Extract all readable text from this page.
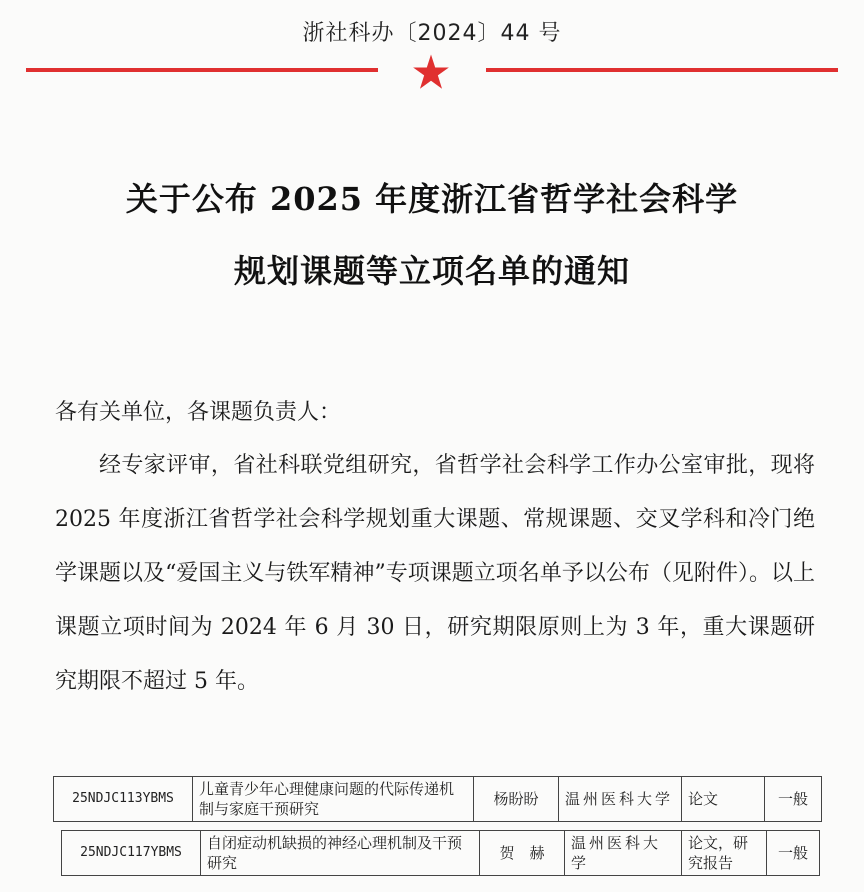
浙社科办〔2024〕44 号
关于公布 2025 年度浙江省哲学社会科学
规划课题等立项名单的通知
各有关单位，各课题负责人：
经专家评审，省社科联党组研究，省哲学社会科学工作办公室审批，现将 2025 年度浙江省哲学社会科学规划重大课题、常规课题、交叉学科和冷门绝学课题以及“爱国主义与铁军精神”专项课题立项名单予以公布（见附件）。以上课题立项时间为 2024 年 6 月 30 日，研究期限原则上为 3 年，重大课题研究期限不超过 5 年。
25NDJC113YBMS	儿童青少年心理健康问题的代际传递机制与家庭干预研究	杨盼盼	温州医科大学	论文	一般
25NDJC117YBMS	自闭症动机缺损的神经心理机制及干预研究	贺　赫	温州医科大学	论文，研究报告	一般
